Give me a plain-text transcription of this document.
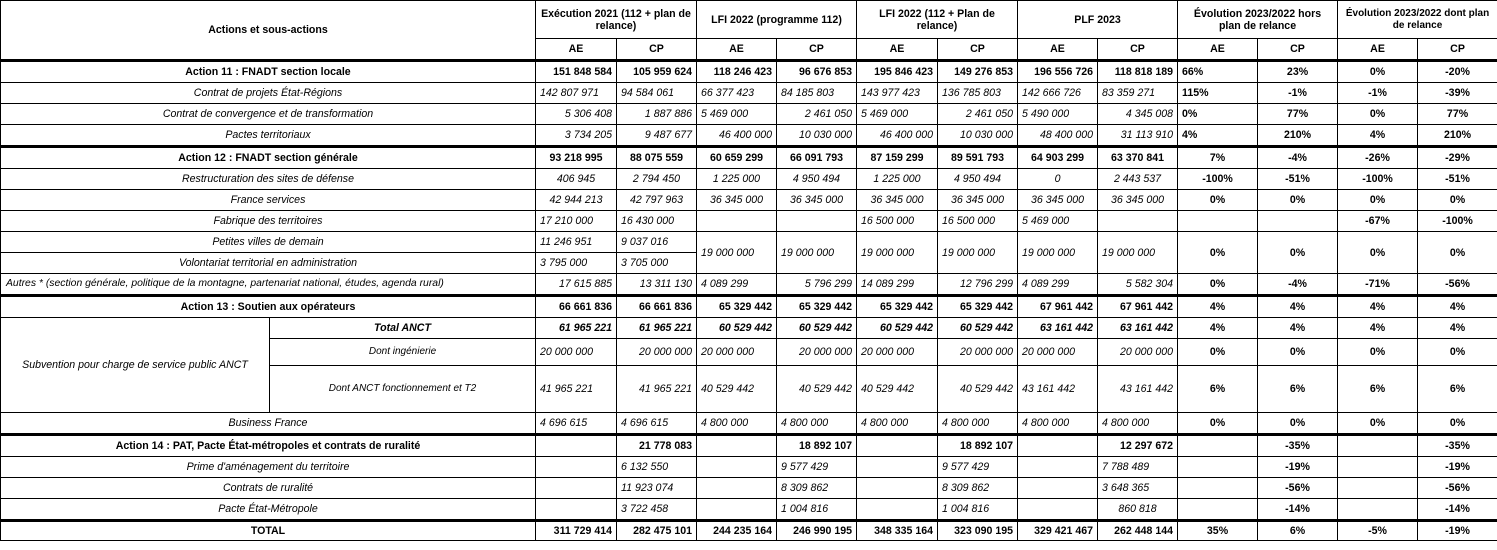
Actions et sous-actions		Exécution 2021 (112 + plan de relance)		LFI 2022 (programme 112)		LFI 2022 (112 + Plan de relance)		PLF 2023		Évolution 2023/2022 hors plan de relance		Évolution 2023/2022 dont plan de relance	
		AE	CP	AE	CP	AE	CP	AE	CP	AE	CP	AE	CP
Action 11 : FNADT section locale		151 848 584	105 959 624	118 246 423	96 676 853	195 846 423	149 276 853	196 556 726	118 818 189	66%	23%	0%	-20%
Contrat de projets État-Régions		142 807 971	94 584 061	66 377 423	84 185 803	143 977 423	136 785 803	142 666 726	83 359 271	115%	-1%	-1%	-39%
Contrat de convergence et de transformation		5 306 408	1 887 886	5 469 000	2 461 050	5 469 000	2 461 050	5 490 000	4 345 008	0%	77%	0%	77%
Pactes territoriaux		3 734 205	9 487 677	46 400 000	10 030 000	46 400 000	10 030 000	48 400 000	31 113 910	4%	210%	4%	210%
Action 12 : FNADT section générale		93 218 995	88 075 559	60 659 299	66 091 793	87 159 299	89 591 793	64 903 299	63 370 841	7%	-4%	-26%	-29%
Restructuration des sites de défense		406 945	2 794 450	1 225 000	4 950 494	1 225 000	4 950 494	0	2 443 537	-100%	-51%	-100%	-51%
France services		42 944 213	42 797 963	36 345 000	36 345 000	36 345 000	36 345 000	36 345 000	36 345 000	0%	0%	0%	0%
Fabrique des territoires		17 210 000	16 430 000			16 500 000	16 500 000	5 469 000				-67%	-100%
Petites villes de demain		11 246 951	9 037 016	19 000 000	19 000 000	19 000 000	19 000 000	19 000 000	19 000 000	0%	0%	0%	0%
Volontariat territorial en administration		3 795 000	3 705 000										
Autres * (section générale, politique de la montagne, partenariat national, études, agenda rural)		17 615 885	13 311 130	4 089 299	5 796 299	14 089 299	12 796 299	4 089 299	5 582 304	0%	-4%	-71%	-56%
Action 13 : Soutien aux opérateurs		66 661 836	66 661 836	65 329 442	65 329 442	65 329 442	65 329 442	67 961 442	67 961 442	4%	4%	4%	4%
Subvention pour charge de service public ANCT	Total ANCT	61 965 221	61 965 221	60 529 442	60 529 442	60 529 442	60 529 442	63 161 442	63 161 442	4%	4%	4%	4%
	Dont ingénierie	20 000 000	20 000 000	20 000 000	20 000 000	20 000 000	20 000 000	20 000 000	20 000 000	0%	0%	0%	0%
	Dont ANCT fonctionnement et T2	41 965 221	41 965 221	40 529 442	40 529 442	40 529 442	40 529 442	43 161 442	43 161 442	6%	6%	6%	6%
Business France		4 696 615	4 696 615	4 800 000	4 800 000	4 800 000	4 800 000	4 800 000	4 800 000	0%	0%	0%	0%
Action 14 : PAT, Pacte État-métropoles et contrats de ruralité			21 778 083		18 892 107		18 892 107		12 297 672		-35%		-35%
Prime d'aménagement du territoire			6 132 550		9 577 429		9 577 429		7 788 489		-19%		-19%
Contrats de ruralité			11 923 074		8 309 862		8 309 862		3 648 365		-56%		-56%
Pacte État-Métropole			3 722 458		1 004 816		1 004 816		860 818		-14%		-14%
TOTAL		311 729 414	282 475 101	244 235 164	246 990 195	348 335 164	323 090 195	329 421 467	262 448 144	35%	6%	-5%	-19%
